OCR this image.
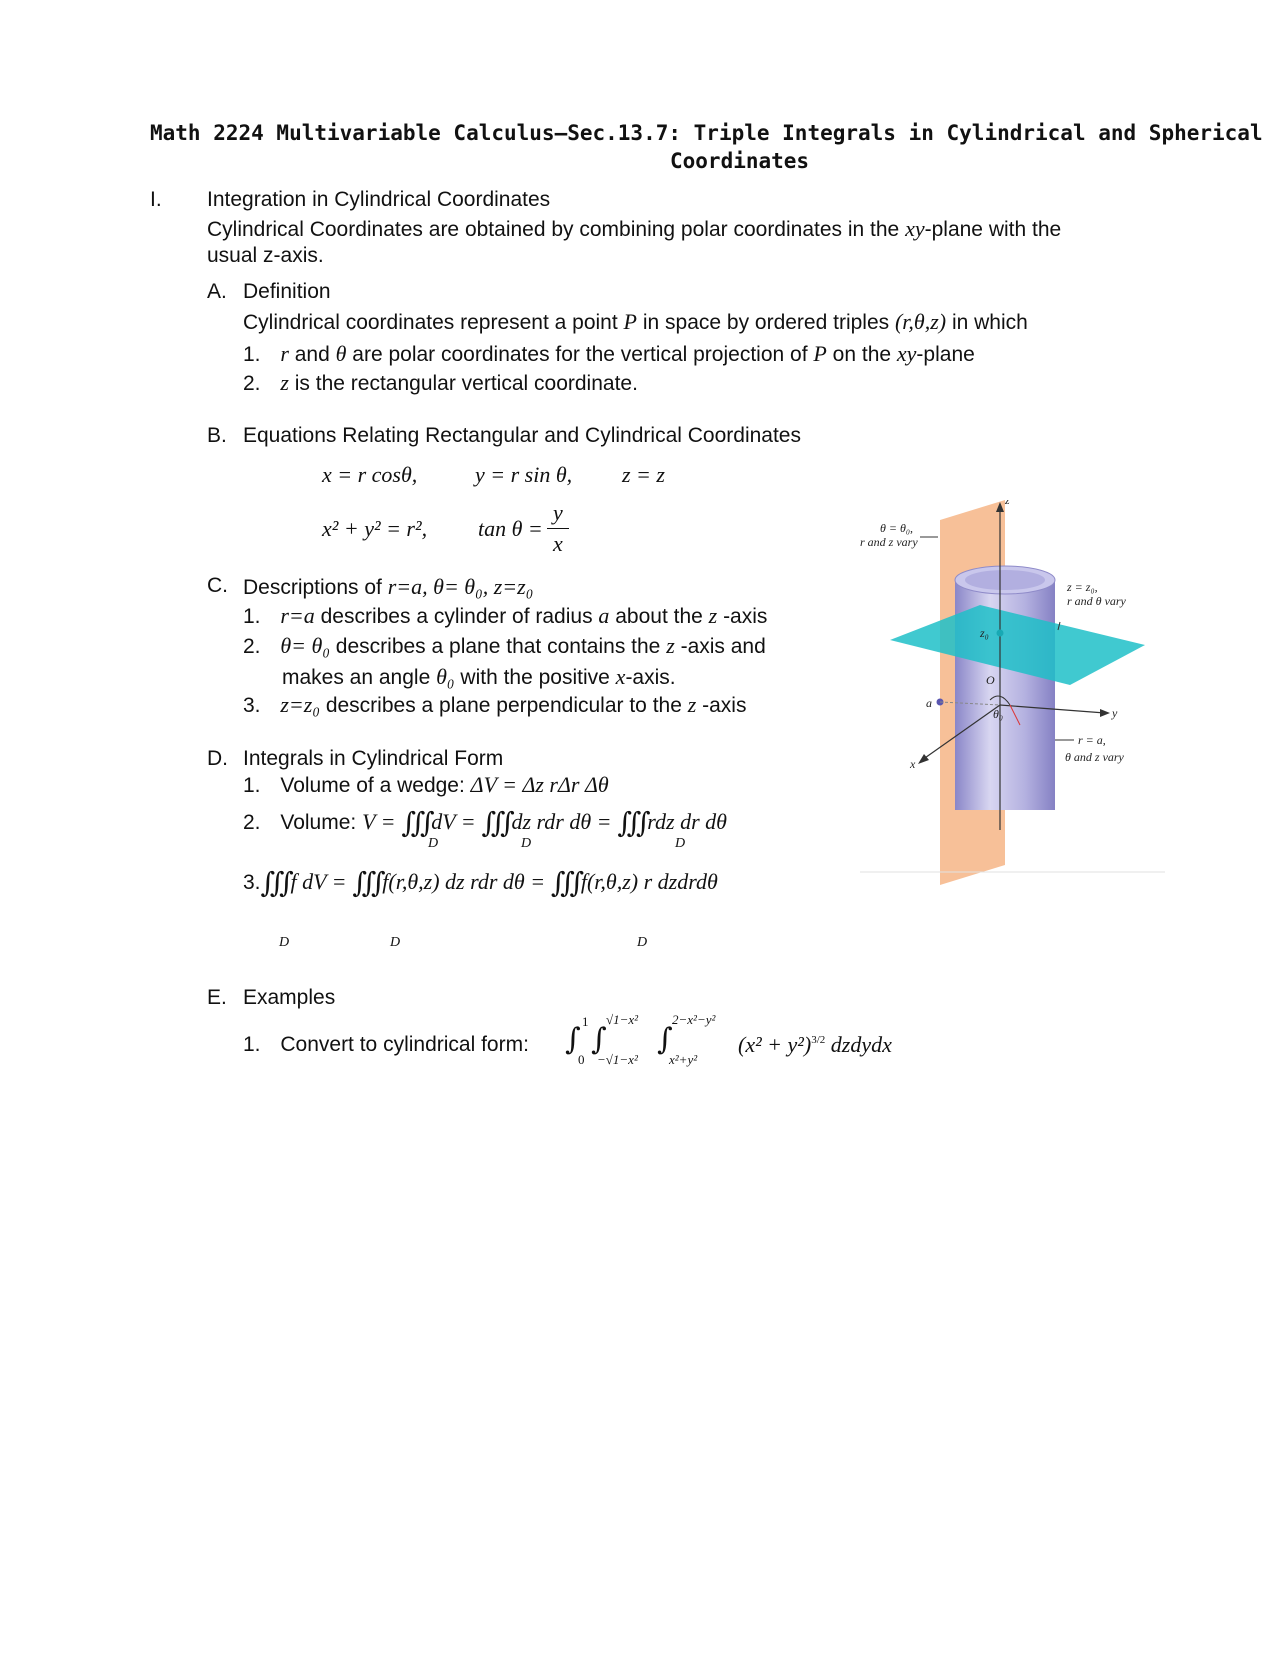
Math 2224 Multivariable Calculus–Sec.13.7: Triple Integrals in Cylindrical and Spherical
Coordinates
I. Integration in Cylindrical Coordinates
Cylindrical Coordinates are obtained by combining polar coordinates in the xy-plane with the
usual z-axis.
A. Definition
Cylindrical coordinates represent a point P in space by ordered triples (r,θ,z) in which
1. r and θ are polar coordinates for the vertical projection of P on the xy-plane
2. z is the rectangular vertical coordinate.
B. Equations Relating Rectangular and Cylindrical Coordinates
x = r cosθ,	y = r sin θ, z = z
x² + y² = r², tan θ =
y
x
C. Descriptions of r=a, θ= θ₀, z=z₀
1. r=a describes a cylinder of radius a about the z -axis
2. θ= θ₀ describes a plane that contains the z -axis and
makes an angle θ₀ with the positive x-axis.
3. z=z₀ describes a plane perpendicular to the z -axis
D. Integrals in Cylindrical Form
1. Volume of a wedge: ΔV = Δz rΔr Δθ
2. Volume: V = ∭ dV = ∭ dz rdr dθ = ∭ rdz dr dθ
D	D	D
3.∭ f dV = ∭ f(r,θ,z) dz rdr dθ = ∭ f(r,θ,z) r dzdrdθ
D	D	D
E. Examples
1. Convert to cylindrical form: ∫
1
0
∫
√1−x²
−√1−x²
∫
2−x²−y²
x²+y²
$(x^2 + y^2)^{3/2}$ dzdydx
θ = θ₀,
r and z vary
z = z₀,
r and θ vary
r = a,
θ and z vary
z
y
x
z₀
O
a
θ₀
